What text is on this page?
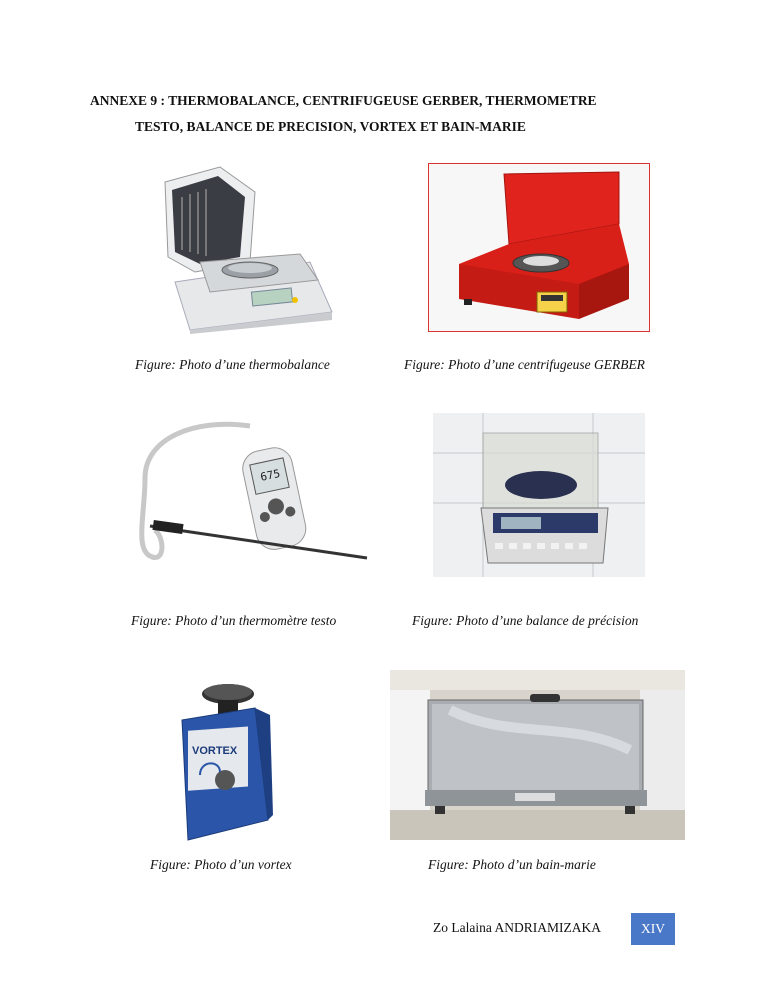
ANNEXE 9 : THERMOBALANCE, CENTRIFUGEUSE GERBER, THERMOMETRE
TESTO, BALANCE DE PRECISION, VORTEX ET BAIN-MARIE
675
VORTEX
Figure: Photo d’une thermobalance	Figure: Photo d’une centrifugeuse GERBER
Figure: Photo d’un thermomètre testo	Figure: Photo d’une balance de précision
Figure: Photo d’un vortex	Figure: Photo d’un bain-marie
Zo Lalaina ANDRIAMIZAKA	XIV
